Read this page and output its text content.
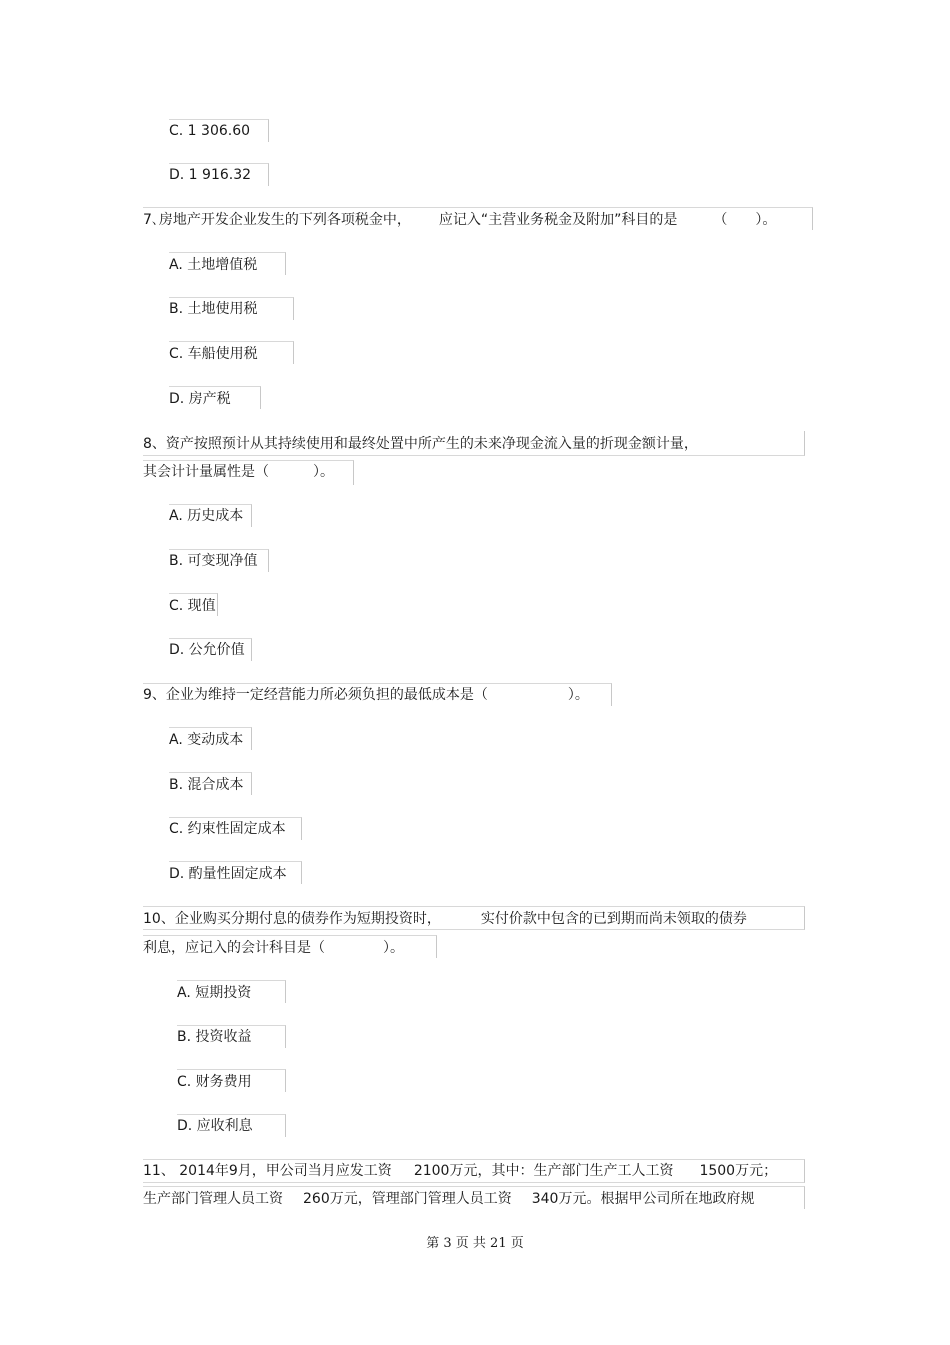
C. 1 306.60
D. 1 916.32
7､房地产开发企业发生的下列各项税金中， 应记入“主营业务税金及附加”科目的是	（ ）。
A. 土地增值税
B. 土地使用税
C. 车船使用税
D. 房产税
8、资产按照预计从其持续使用和最终处置中所产生的未来净现金流入量的折现金额计量，
其会计计量属性是（	）。
A. 历史成本
B. 可变现净值
C. 现值
D. 公允价值
9、企业为维持一定经营能力所必须负担的最低成本是（	）。
A. 变动成本
B. 混合成本
C. 约束性固定成本
D. 酌量性固定成本
10、企业购买分期付息的债券作为短期投资时，	实付价款中包含的已到期而尚未领取的债券
利息，应记入的会计科目是（	）。
A. 短期投资
B. 投资收益
C. 财务费用
D. 应收利息
11、 2014年9月，甲公司当月应发工资 2100万元，其中：生产部门生产工人工资 1500万元；
生产部门管理人员工资 260万元，管理部门管理人员工资 340万元。根据甲公司所在地政府规
第 3 页 共 21 页
